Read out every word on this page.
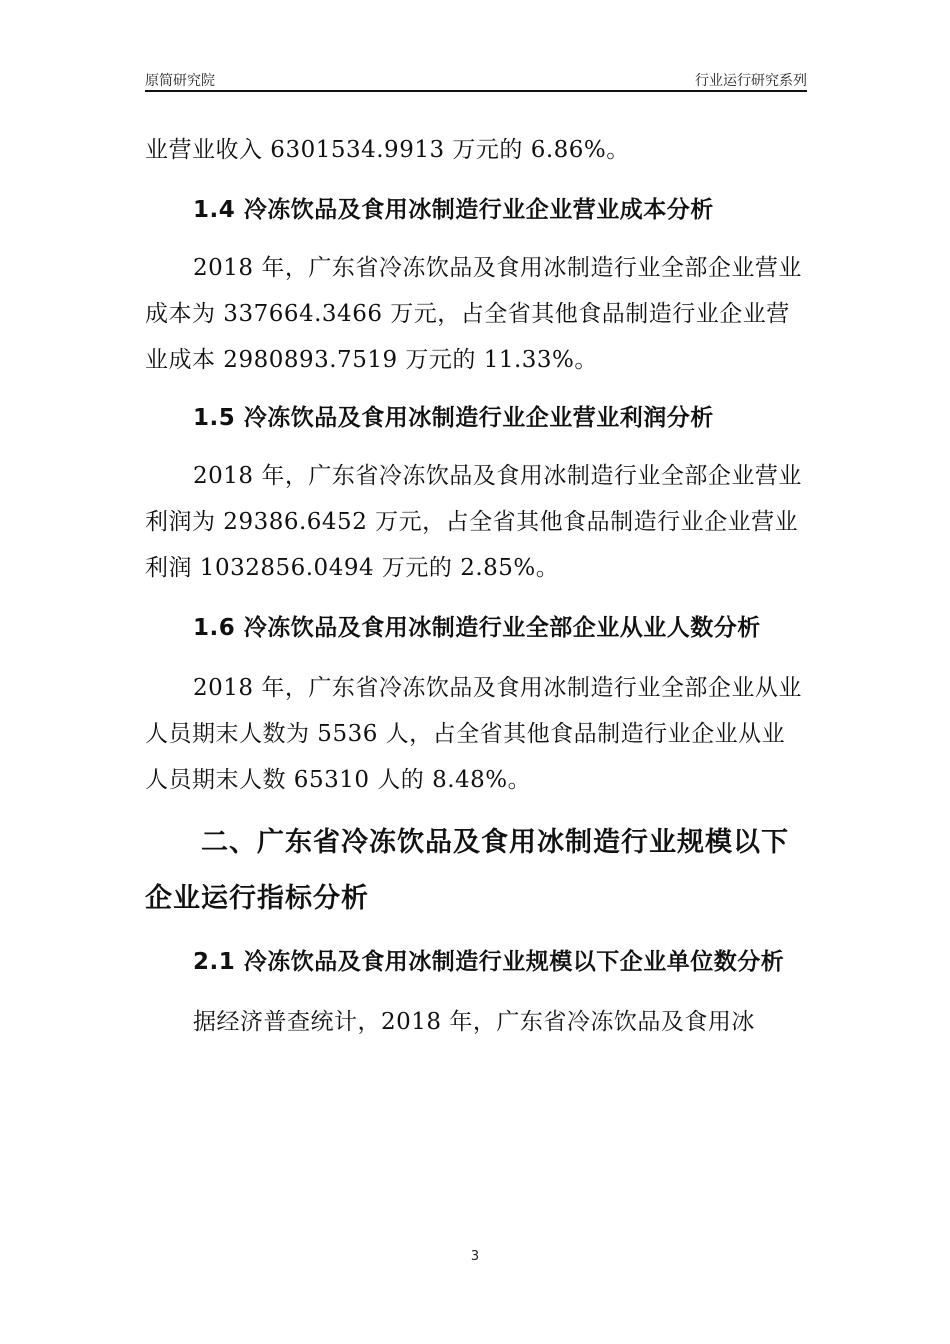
原简研究院	行业运行研究系列

业营业收入 6301534.9913 万元的 6.86%。

1.4 冷冻饮品及食用冰制造行业企业营业成本分析

2018 年，广东省冷冻饮品及食用冰制造行业全部企业营业成本为 337664.3466 万元，占全省其他食品制造行业企业营业成本 2980893.7519 万元的 11.33%。

1.5 冷冻饮品及食用冰制造行业企业营业利润分析

2018 年，广东省冷冻饮品及食用冰制造行业全部企业营业利润为 29386.6452 万元，占全省其他食品制造行业企业营业利润 1032856.0494 万元的 2.85%。

1.6 冷冻饮品及食用冰制造行业全部企业从业人数分析

2018 年，广东省冷冻饮品及食用冰制造行业全部企业从业人员期末人数为 5536 人，占全省其他食品制造行业企业从业人员期末人数 65310 人的 8.48%。

二、广东省冷冻饮品及食用冰制造行业规模以下企业运行指标分析
2.1 冷冻饮品及食用冰制造行业规模以下企业单位数分析

据经济普查统计，2018 年，广东省冷冻饮品及食用冰

3
